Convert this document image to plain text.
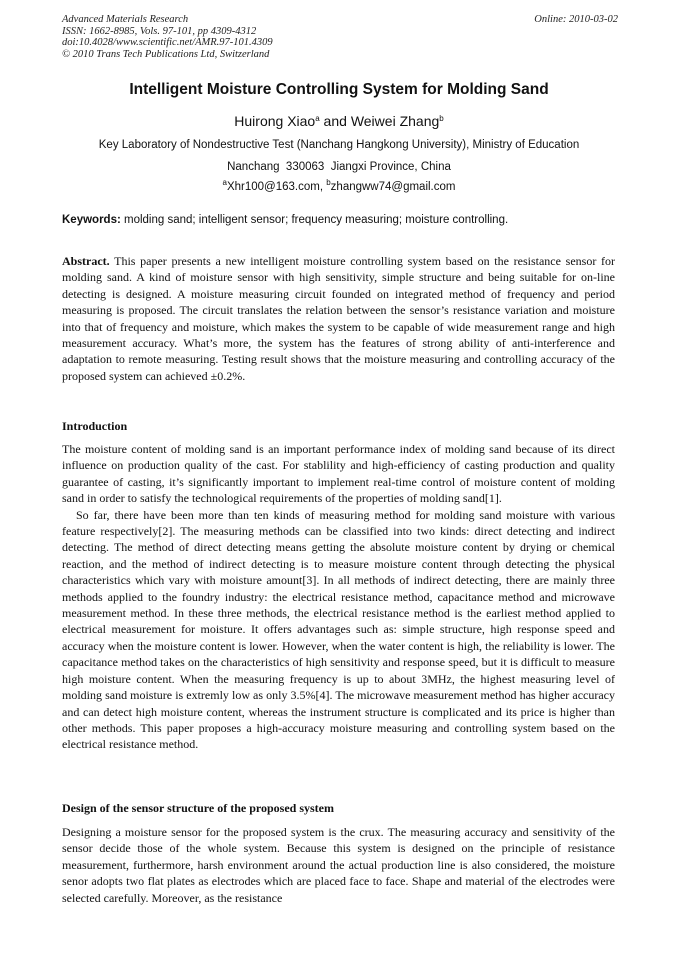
Advanced Materials Research
ISSN: 1662-8985, Vols. 97-101, pp 4309-4312
doi:10.4028/www.scientific.net/AMR.97-101.4309
© 2010 Trans Tech Publications Ltd, Switzerland
Online: 2010-03-02
Intelligent Moisture Controlling System for Molding Sand
Huirong Xiao$^a$ and Weiwei Zhang$^b$
Key Laboratory of Nondestructive Test (Nanchang Hangkong University), Ministry of Education
Nanchang  330063  Jiangxi Province, China
$^a$Xhr100@163.com, $^b$zhangww74@gmail.com
Keywords: molding sand; intelligent sensor; frequency measuring; moisture controlling.

Abstract. This paper presents a new intelligent moisture controlling system based on the resistance sensor for molding sand. A kind of moisture sensor with high sensitivity, simple structure and being suitable for on-line detecting is designed. A moisture measuring circuit founded on integrated method of frequency and period measuring is proposed. The circuit translates the relation between the sensor’s resistance variation and moisture into that of frequency and moisture, which makes the system to be capable of wide measurement range and high measurement accuracy. What’s more, the system has the features of strong ability of anti-interference and adaptation to remote measuring. Testing result shows that the moisture measuring and controlling accuracy of the proposed system can achieved ±0.2%.

Introduction

The moisture content of molding sand is an important performance index of molding sand because of its direct influence on production quality of the cast. For stablility and high-efficiency of casting production and quality guarantee of casting, it’s significantly important to implement real-time control of moisture content of molding sand in order to satisfy the technological requirements of the properties of molding sand[1].

So far, there have been more than ten kinds of measuring method for molding sand moisture with various feature respectively[2]. The measuring methods can be classified into two kinds: direct detecting and indirect detecting. The method of direct detecting means getting the absolute moisture content by drying or chemical reaction, and the method of indirect detecting is to measure moisture content through detecting the physical characteristics which vary with moisture amount[3]. In all methods of indirect detecting, there are mainly three methods applied to the foundry industry: the electrical resistance method, capacitance method and microwave measurement method. In these three methods, the electrical resistance method is the earliest method applied to electrical measurement for moisture. It offers advantages such as: simple structure, high response speed and accuracy when the moisture content is lower. However, when the water content is high, the reliability is lower. The capacitance method takes on the characteristics of high sensitivity and response speed, but it is difficult to measure high moisture content. When the measuring frequency is up to about 3MHz, the highest measuring level of molding sand moisture is extremly low as only 3.5%[4]. The microwave measurement method has higher accuracy and can detect high moisture content, whereas the instrument structure is complicated and its price is higher than other methods. This paper proposes a high-accuracy moisture measuring and controlling system based on the electrical resistance method.

Design of the sensor structure of the proposed system

Designing a moisture sensor for the proposed system is the crux. The measuring accuracy and sensitivity of the sensor decide those of the whole system. Because this system is designed on the principle of resistance measurement, furthermore, harsh environment around the actual production line is also considered, the moisture senor adopts two flat plates as electrodes which are placed face to face. Shape and material of the electrodes were selected carefully. Moreover, as the resistance
